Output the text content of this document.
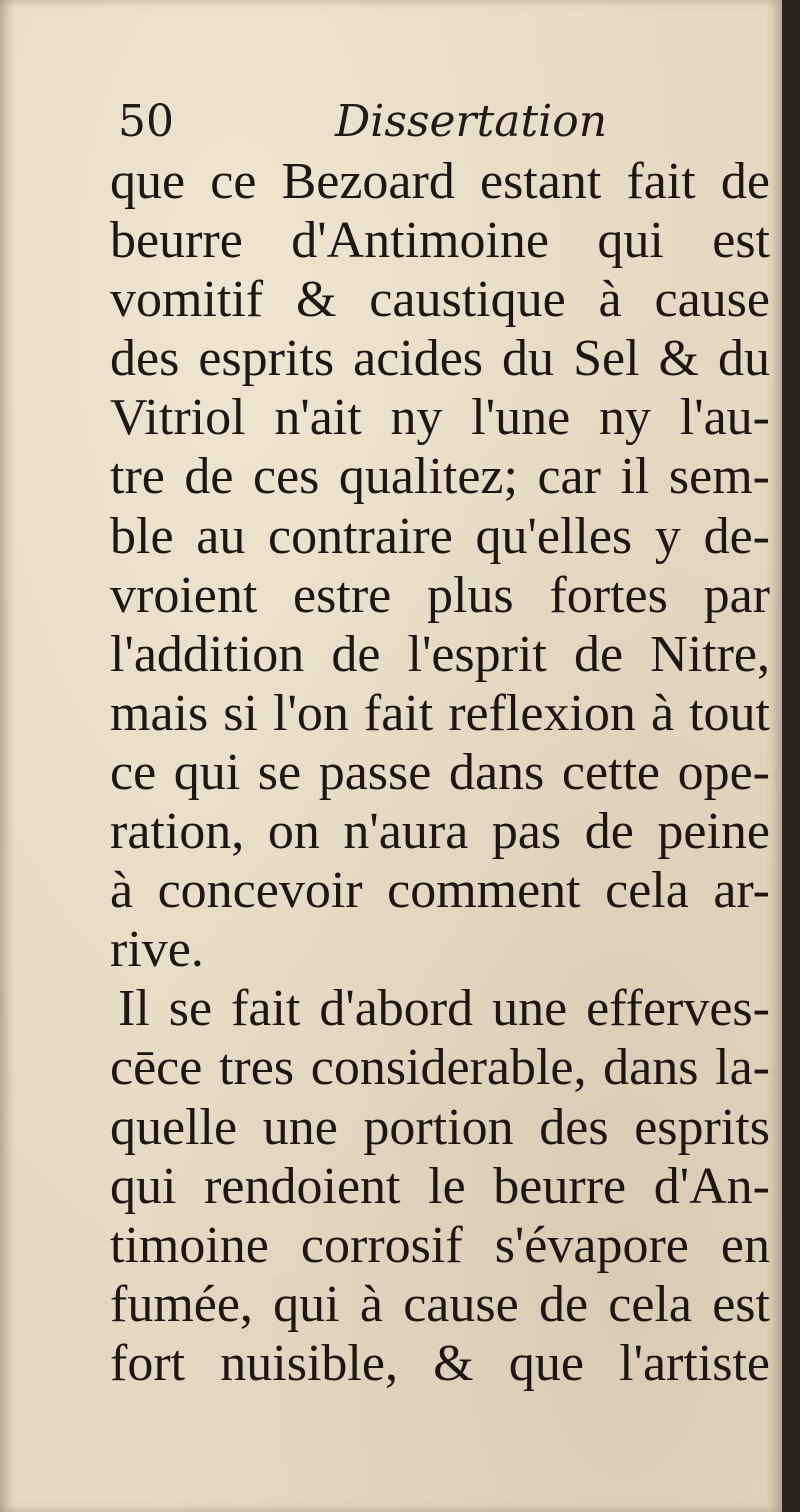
50	Dissertation
que ce Bezoard estant fait de
beurre d'Antimoine qui est
vomitif & caustique à cause
des esprits acides du Sel & du
Vitriol n'ait ny l'une ny l'au-
tre de ces qualitez; car il sem-
ble au contraire qu'elles y de-
vroient estre plus fortes par
l'addition de l'esprit de Nitre,
mais si l'on fait reflexion à tout
ce qui se passe dans cette ope-
ration, on n'aura pas de peine
à concevoir comment cela ar-
rive.
Il se fait d'abord une efferves-
cēce tres considerable, dans la-
quelle une portion des esprits
qui rendoient le beurre d'An-
timoine corrosif s'évapore en
fumée, qui à cause de cela est
fort nuisible, & que l'artiste
